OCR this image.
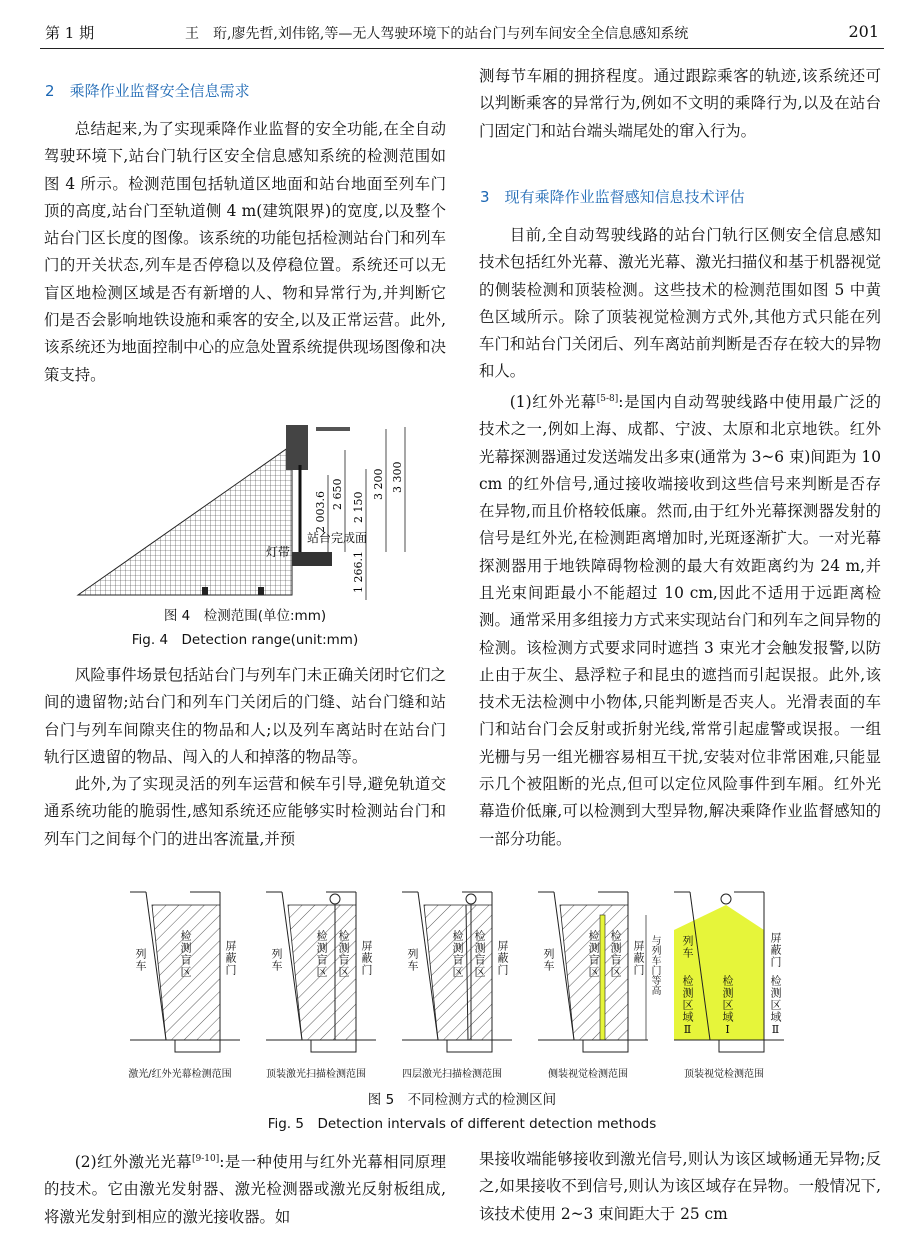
第 1 期	王　珩,廖先哲,刘伟铭,等—无人驾驶环境下的站台门与列车间安全全信息感知系统	201
2　 乘降作业监督安全信息需求

总结起来,为了实现乘降作业监督的安全功能,在全自动驾驶环境下,站台门轨行区安全信息感知系统的检测范围如图 4 所示。检测范围包括轨道区地面和站台地面至列车门顶的高度,站台门至轨道侧 4 m(建筑限界)的宽度,以及整个站台门区长度的图像。该系统的功能包括检测站台门和列车门的开关状态,列车是否停稳以及停稳位置。系统还可以无盲区地检测区域是否有新增的人、物和异常行为,并判断它们是否会影响地铁设施和乘客的安全,以及正常运营。此外,该系统还为地面控制中心的应急处置系统提供现场图像和决策支持。

灯带
站台完成面
2 003.6 2 650 2 150
3 200 3 300
1 266.1
图 4　检测范围(单位:mm)
Fig. 4　Detection range(unit:mm)

风险事件场景包括站台门与列车门未正确关闭时它们之间的遗留物;站台门和列车门关闭后的门缝、站台门缝和站台门与列车间隙夹住的物品和人;以及列车离站时在站台门轨行区遗留的物品、闯入的人和掉落的物品等。

此外,为了实现灵活的列车运营和候车引导,避免轨道交通系统功能的脆弱性,感知系统还应能够实时检测站台门和列车门之间每个门的进出客流量,并预

测每节车厢的拥挤程度。通过跟踪乘客的轨迹,该系统还可以判断乘客的异常行为,例如不文明的乘降行为,以及在站台门固定门和站台端头端尾处的窜入行为。

3　 现有乘降作业监督感知信息技术评估

目前,全自动驾驶线路的站台门轨行区侧安全信息感知技术包括红外光幕、激光光幕、激光扫描仪和基于机器视觉的侧装检测和顶装检测。这些技术的检测范围如图 5 中黄色区域所示。除了顶装视觉检测方式外,其他方式只能在列车门和站台门关闭后、列车离站前判断是否存在较大的异物和人。

(1)红外光幕[5-8]:是国内自动驾驶线路中使用最广泛的技术之一,例如上海、成都、宁波、太原和北京地铁。红外光幕探测器通过发送端发出多束(通常为 3~6 束)间距为 10 cm 的红外信号,通过接收端接收到这些信号来判断是否存在异物,而且价格较低廉。然而,由于红外光幕探测器发射的信号是红外光,在检测距离增加时,光斑逐渐扩大。一对光幕探测器用于地铁障碍物检测的最大有效距离约为 24 m,并且光束间距最小不能超过 10 cm,因此不适用于远距离检测。通常采用多组接力方式来实现站台门和列车之间异物的检测。该检测方式要求同时遮挡 3 束光才会触发报警,以防止由于灰尘、悬浮粒子和昆虫的遮挡而引起误报。此外,该技术无法检测中小物体,只能判断是否夹人。光滑表面的车门和站台门会反射或折射光线,常常引起虚警或误报。一组光栅与另一组光栅容易相互干扰,安装对位非常困难,只能显示几个被阻断的光点,但可以定位风险事件到车厢。红外光幕造价低廉,可以检测到大型异物,解决乘降作业监督感知的一部分功能。

列车	检测盲区	屏蔽门
激光/红外光幕检测范围
列车	检测盲区 检测盲区 屏蔽门
顶装激光扫描检测范围
列车	检测盲区 检测盲区 屏蔽门
四层激光扫描检测范围
列车	检测盲区 检测盲区 屏蔽门 与列车门等高
侧装视觉检测范围
列车
检测区域Ⅱ 检测区域Ⅰ
屏蔽门
检测区域Ⅱ
顶装视觉检测范围
图 5　不同检测方式的检测区间
Fig. 5　Detection intervals of different detection methods

(2)红外激光光幕[9-10]:是一种使用与红外光幕相同原理的技术。它由激光发射器、激光检测器或激光反射板组成,将激光发射到相应的激光接收器。如

果接收端能够接收到激光信号,则认为该区域畅通无异物;反之,如果接收不到信号,则认为该区域存在异物。一般情况下,该技术使用 2~3 束间距大于 25 cm
